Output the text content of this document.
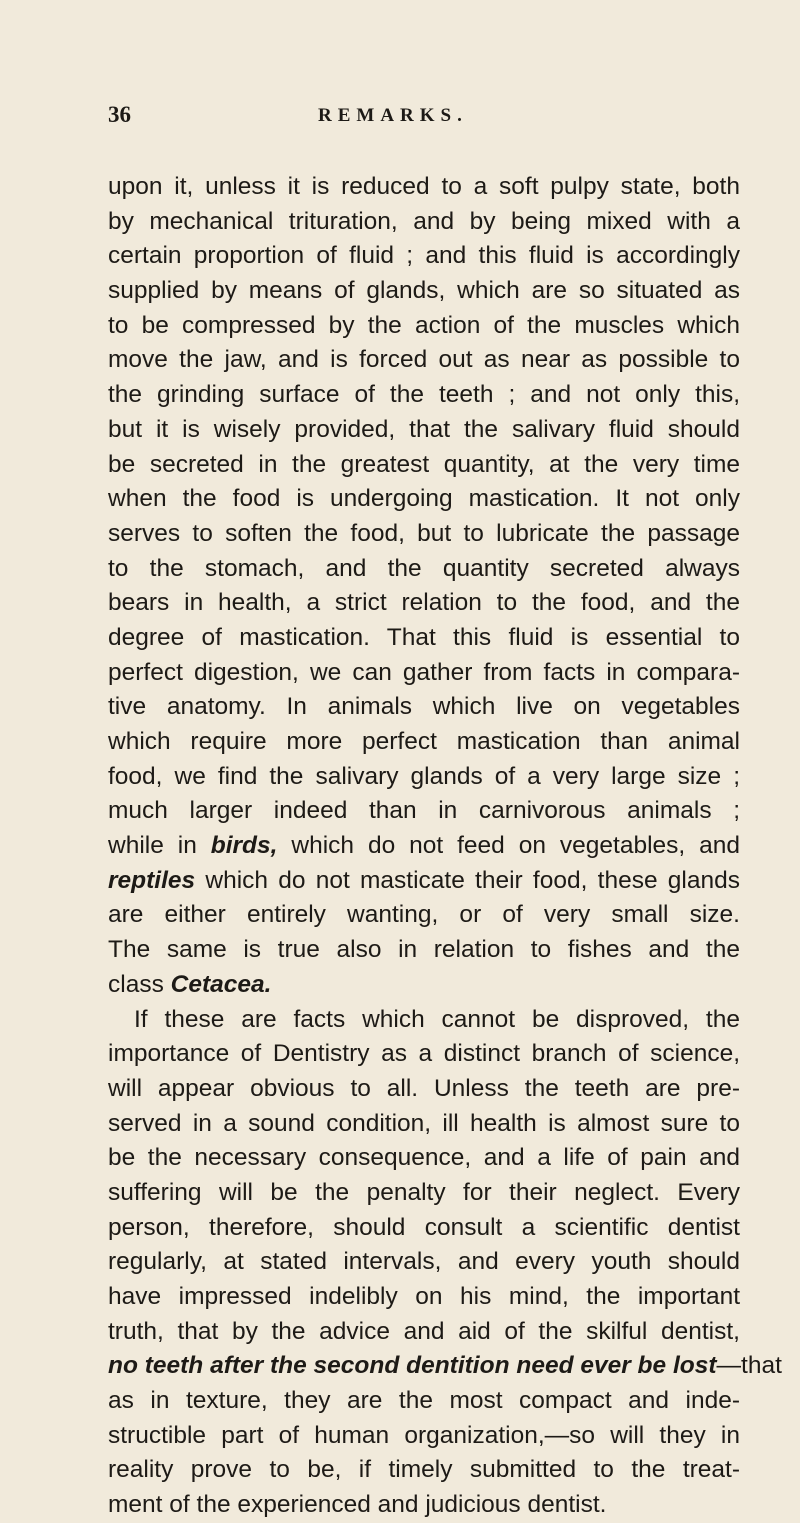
36	REMARKS.
upon it, unless it is reduced to a soft pulpy state, both
by mechanical trituration, and by being mixed with a
certain proportion of fluid ; and this fluid is accordingly
supplied by means of glands, which are so situated as
to be compressed by the action of the muscles which
move the jaw, and is forced out as near as possible to
the grinding surface of the teeth ; and not only this,
but it is wisely provided, that the salivary fluid should
be secreted in the greatest quantity, at the very time
when the food is undergoing mastication. It not only
serves to soften the food, but to lubricate the passage
to the stomach, and the quantity secreted always
bears in health, a strict relation to the food, and the
degree of mastication. That this fluid is essential to
perfect digestion, we can gather from facts in compara-
tive anatomy. In animals which live on vegetables
which require more perfect mastication than animal
food, we find the salivary glands of a very large size ;
much larger indeed than in carnivorous animals ;
while in birds, which do not feed on vegetables, and
reptiles which do not masticate their food, these glands
are either entirely wanting, or of very small size.
The same is true also in relation to fishes and the
class Cetacea.
If these are facts which cannot be disproved, the
importance of Dentistry as a distinct branch of science,
will appear obvious to all. Unless the teeth are pre-
served in a sound condition, ill health is almost sure to
be the necessary consequence, and a life of pain and
suffering will be the penalty for their neglect. Every
person, therefore, should consult a scientific dentist
regularly, at stated intervals, and every youth should
have impressed indelibly on his mind, the important
truth, that by the advice and aid of the skilful dentist,
no teeth after the second dentition need ever be lost—that
as in texture, they are the most compact and inde-
structible part of human organization,—so will they in
reality prove to be, if timely submitted to the treat-
ment of the experienced and judicious dentist.
